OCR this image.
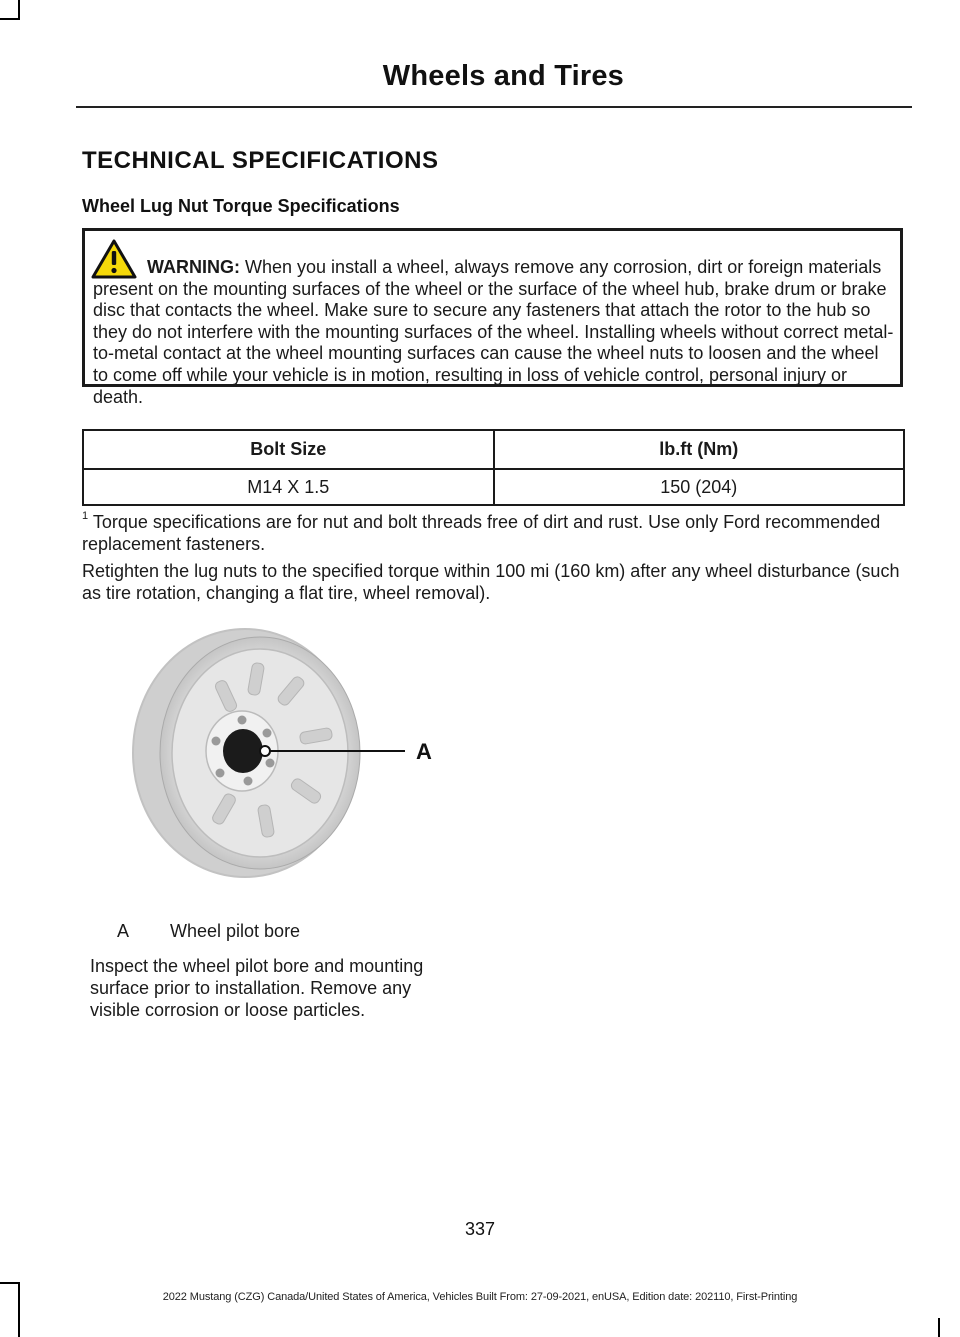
Wheels and Tires
TECHNICAL SPECIFICATIONS
Wheel Lug Nut Torque Specifications
WARNING: When you install a wheel, always remove any corrosion, dirt or foreign materials present on the mounting surfaces of the wheel or the surface of the wheel hub, brake drum or brake disc that contacts the wheel. Make sure to secure any fasteners that attach the rotor to the hub so they do not interfere with the mounting surfaces of the wheel. Installing wheels without correct metal-to-metal contact at the wheel mounting surfaces can cause the wheel nuts to loosen and the wheel to come off while your vehicle is in motion, resulting in loss of vehicle control, personal injury or death.
Bolt Size	lb.ft (Nm)
M14 X 1.5	150 (204)
$^1$ Torque specifications are for nut and bolt threads free of dirt and rust. Use only Ford recommended replacement fasteners.
Retighten the lug nuts to the specified torque within 100 mi (160 km) after any wheel disturbance (such as tire rotation, changing a flat tire, wheel removal).
A
A Wheel pilot bore
Inspect the wheel pilot bore and mounting surface prior to installation. Remove any visible corrosion or loose particles.
337
2022 Mustang (CZG) Canada/United States of America, Vehicles Built From: 27-09-2021, enUSA, Edition date: 202110, First-Printing
